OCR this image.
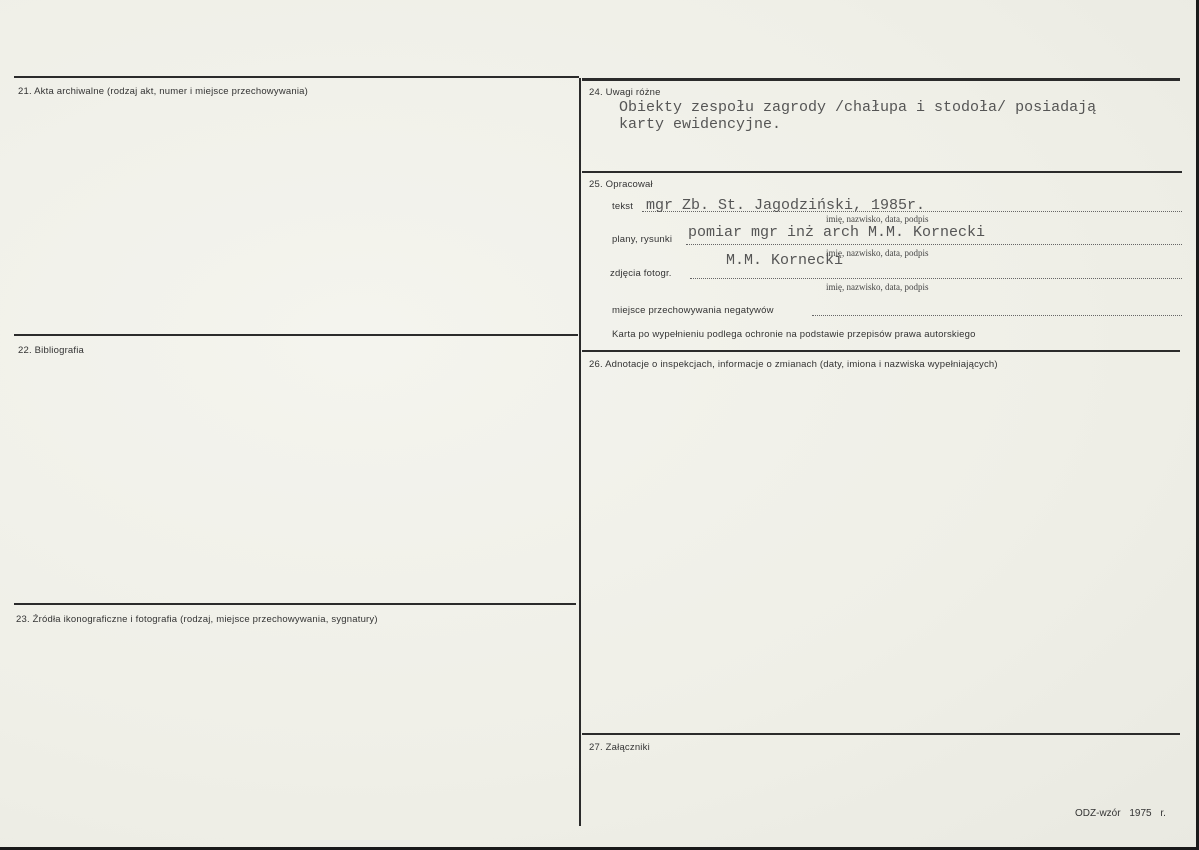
21. Akta archiwalne (rodzaj akt, numer i miejsce przechowywania)
22. Bibliografia
23. Źródła ikonograficzne i fotografia (rodzaj, miejsce przechowywania, sygnatury)
24. Uwagi różne
Obiekty zespołu zagrody /chałupa i stodoła/ posiadają
karty ewidencyjne.
25. Opracował
tekst mgr Zb. St. Jagodziński, 1985r.
imię, nazwisko, data, podpis
plany, rysunki pomiar mgr inż arch M.M. Kornecki
imię, nazwisko, data, podpis
M.M. Kornecki
zdjęcia fotogr.
imię, nazwisko, data, podpis
miejsce przechowywania negatywów
Karta po wypełnieniu podlega ochronie na podstawie przepisów prawa autorskiego
26. Adnotacje o inspekcjach, informacje o zmianach (daty, imiona i nazwiska wypełniających)
27. Załączniki
ODZ-wzór 1975 r.
